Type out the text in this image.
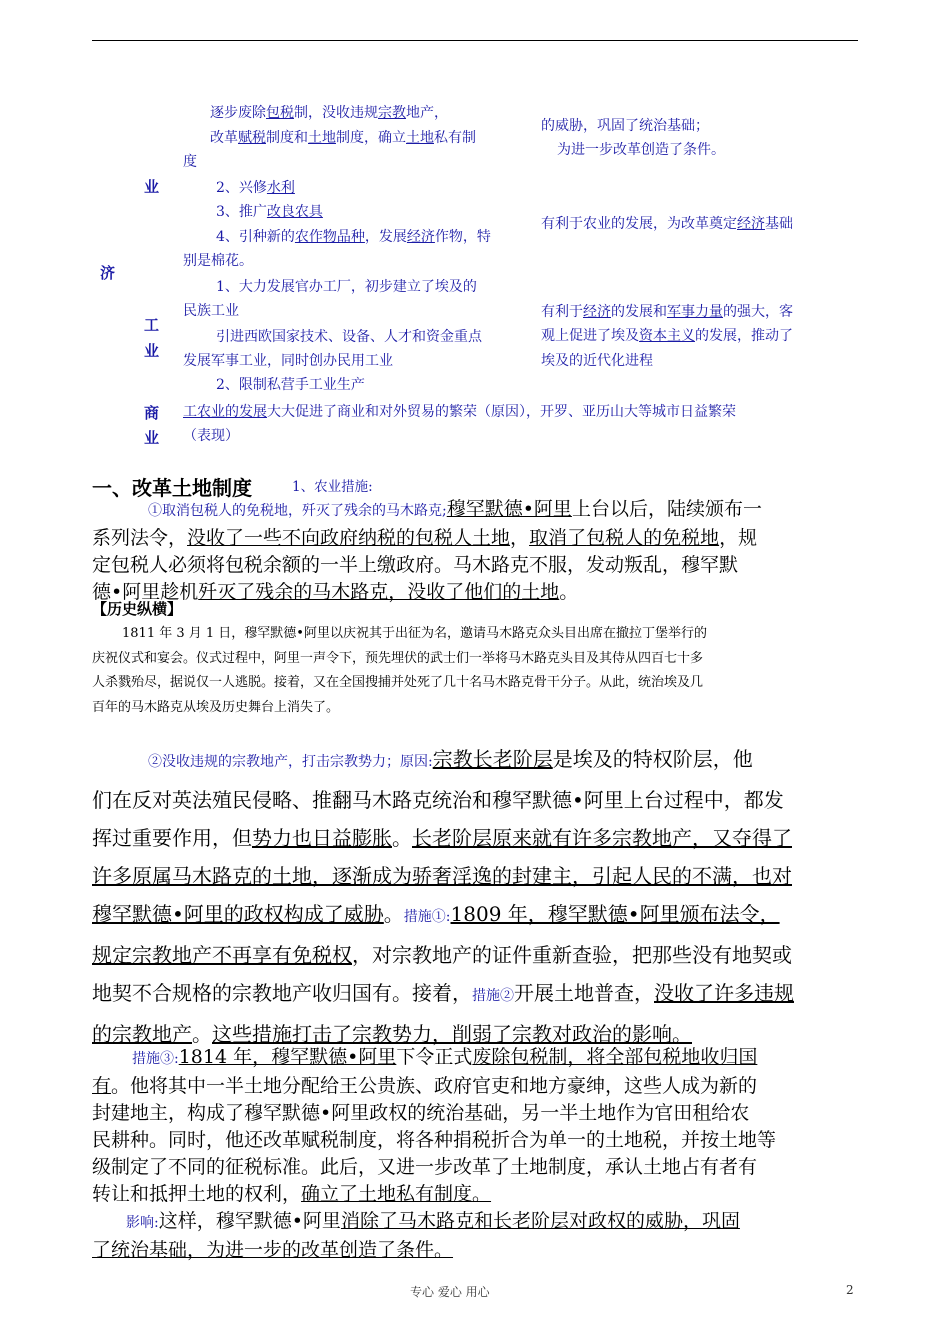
济
业
工
业
商
业
逐步废除包税制，没收违规宗教地产，
改革赋税制度和土地制度，确立土地私有制
度
2、兴修水利
3、推广改良农具
4、引种新的农作物品种，发展经济作物，特
别是棉花。
的威胁，巩固了统治基础；
为进一步改革创造了条件。
有利于农业的发展，为改革奠定经济基础
1、大力发展官办工厂，初步建立了埃及的
民族工业
引进西欧国家技术、设备、人才和资金重点
发展军事工业，同时创办民用工业
2、限制私营手工业生产
有利于经济的发展和军事力量的强大，客
观上促进了埃及资本主义的发展，推动了
埃及的近代化进程
工农业的发展大大促进了商业和对外贸易的繁荣（原因），开罗、亚历山大等城市日益繁荣
（表现）
一、改革土地制度	1、农业措施:
①取消包税人的免税地，歼灭了残余的马木路克;穆罕默德•阿里上台以后，陆续颁布一
系列法令，没收了一些不向政府纳税的包税人土地，取消了包税人的免税地，规
定包税人必须将包税余额的一半上缴政府。马木路克不服，发动叛乱，穆罕默
德•阿里趁机歼灭了残余的马木路克，没收了他们的土地。
【历史纵横】
1811 年 3 月 1 日，穆罕默德•阿里以庆祝其于出征为名，邀请马木路克众头目出席在撤拉丁堡举行的
庆祝仪式和宴会。仪式过程中，阿里一声令下，预先埋伏的武士们一举将马木路克头目及其侍从四百七十多
人杀戮殆尽，据说仅一人逃脱。接着，又在全国搜捕并处死了几十名马木路克骨干分子。从此，统治埃及几
百年的马木路克从埃及历史舞台上消失了。
②没收违规的宗教地产，打击宗教势力；原因:宗教长老阶层是埃及的特权阶层，他
们在反对英法殖民侵略、推翻马木路克统治和穆罕默德•阿里上台过程中，都发
挥过重要作用，但势力也日益膨胀。长老阶层原来就有许多宗教地产，又夺得了
许多原属马木路克的土地，逐渐成为骄奢淫逸的封建主，引起人民的不满，也对
穆罕默德•阿里的政权构成了威胁。措施①:1809 年，穆罕默德•阿里颁布法令，
规定宗教地产不再享有免税权，对宗教地产的证件重新查验，把那些没有地契或
地契不合规格的宗教地产收归国有。接着，措施②开展土地普查，没收了许多违规
的宗教地产。这些措施打击了宗教势力，削弱了宗教对政治的影响。
措施③:1814 年，穆罕默德•阿里下令正式废除包税制，将全部包税地收归国
有。他将其中一半土地分配给王公贵族、政府官吏和地方豪绅，这些人成为新的
封建地主，构成了穆罕默德•阿里政权的统治基础，另一半土地作为官田租给农
民耕种。同时，他还改革赋税制度，将各种捐税折合为单一的土地税，并按土地等
级制定了不同的征税标准。此后，又进一步改革了土地制度，承认土地占有者有
转让和抵押土地的权利，确立了土地私有制度。
影响:这样，穆罕默德•阿里消除了马木路克和长老阶层对政权的威胁，巩固
了统治基础，为进一步的改革创造了条件。
专心 爱心 用心	2
